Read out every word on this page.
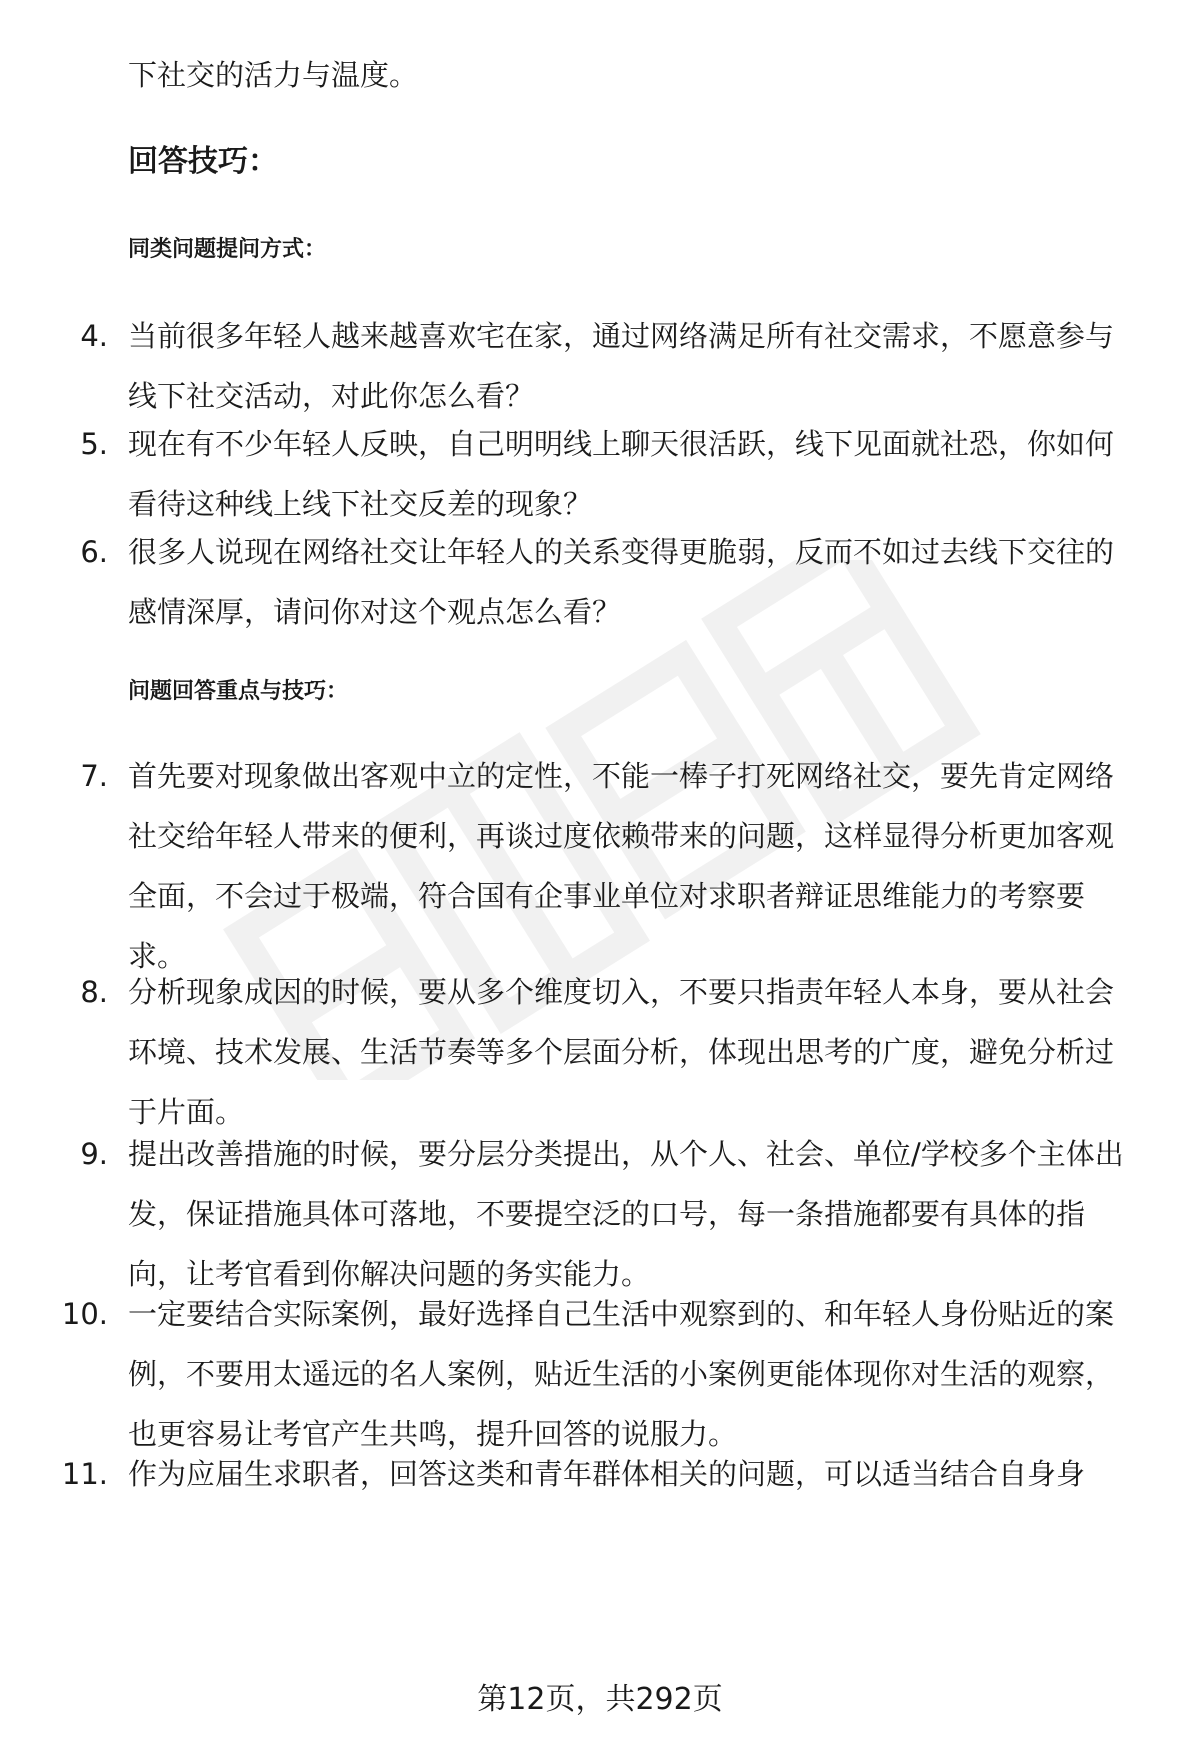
下社交的活力与温度。
回答技巧：
同类问题提问方式：
4. 当前很多年轻人越来越喜欢宅在家，通过网络满足所有社交需求，不愿意参与
线下社交活动，对此你怎么看？
5. 现在有不少年轻人反映，自己明明线上聊天很活跃，线下见面就社恐，你如何
看待这种线上线下社交反差的现象？
6. 很多人说现在网络社交让年轻人的关系变得更脆弱，反而不如过去线下交往的
感情深厚，请问你对这个观点怎么看？
问题回答重点与技巧：
7. 首先要对现象做出客观中立的定性，不能一棒子打死网络社交，要先肯定网络
社交给年轻人带来的便利，再谈过度依赖带来的问题，这样显得分析更加客观
全面，不会过于极端，符合国有企事业单位对求职者辩证思维能力的考察要
求。
8. 分析现象成因的时候，要从多个维度切入，不要只指责年轻人本身，要从社会
环境、技术发展、生活节奏等多个层面分析，体现出思考的广度，避免分析过
于片面。
9. 提出改善措施的时候，要分层分类提出，从个人、社会、单位/学校多个主体出
发，保证措施具体可落地，不要提空泛的口号，每一条措施都要有具体的指
向，让考官看到你解决问题的务实能力。
10. 一定要结合实际案例，最好选择自己生活中观察到的、和年轻人身份贴近的案
例，不要用太遥远的名人案例，贴近生活的小案例更能体现你对生活的观察，
也更容易让考官产生共鸣，提升回答的说服力。
11. 作为应届生求职者，回答这类和青年群体相关的问题，可以适当结合自身身
第12页，共292页
